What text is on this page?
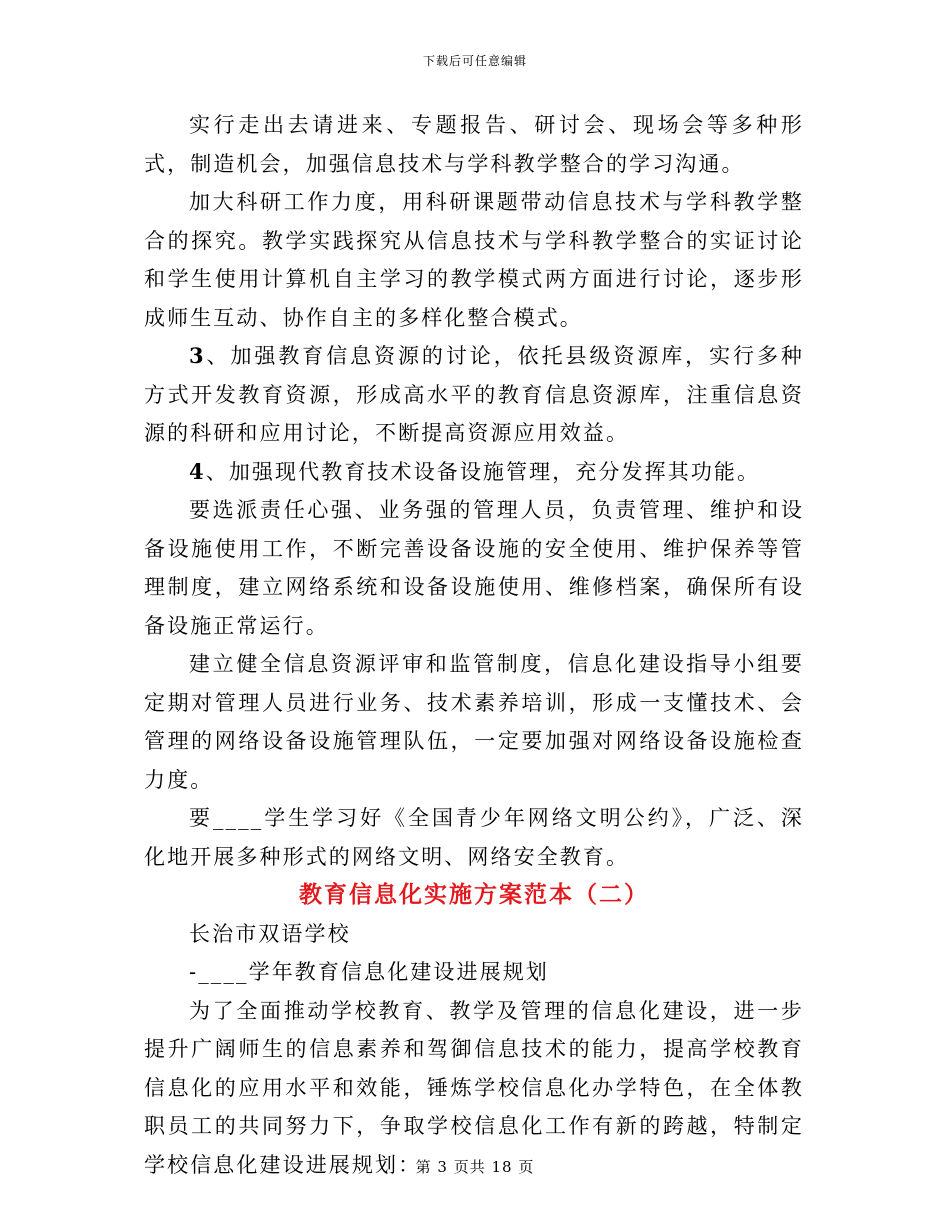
下载后可任意编辑

实行走出去请进来、专题报告、研讨会、现场会等多种形式，制造机会，加强信息技术与学科教学整合的学习沟通。

加大科研工作力度，用科研课题带动信息技术与学科教学整合的探究。教学实践探究从信息技术与学科教学整合的实证讨论和学生使用计算机自主学习的教学模式两方面进行讨论，逐步形成师生互动、协作自主的多样化整合模式。

3、加强教育信息资源的讨论，依托县级资源库，实行多种方式开发教育资源，形成高水平的教育信息资源库，注重信息资源的科研和应用讨论，不断提高资源应用效益。

4、加强现代教育技术设备设施管理，充分发挥其功能。

要选派责任心强、业务强的管理人员，负责管理、维护和设备设施使用工作，不断完善设备设施的安全使用、维护保养等管理制度，建立网络系统和设备设施使用、维修档案，确保所有设备设施正常运行。

建立健全信息资源评审和监管制度，信息化建设指导小组要定期对管理人员进行业务、技术素养培训，形成一支懂技术、会管理的网络设备设施管理队伍，一定要加强对网络设备设施检查力度。

要____学生学习好《全国青少年网络文明公约》，广泛、深化地开展多种形式的网络文明、网络安全教育。

教育信息化实施方案范本（二）

长治市双语学校

-____学年教育信息化建设进展规划

为了全面推动学校教育、教学及管理的信息化建设，进一步提升广阔师生的信息素养和驾御信息技术的能力，提高学校教育信息化的应用水平和效能，锤炼学校信息化办学特色，在全体教职员工的共同努力下，争取学校信息化工作有新的跨越，特制定学校信息化建设进展规划：

第 3 页共 18 页
